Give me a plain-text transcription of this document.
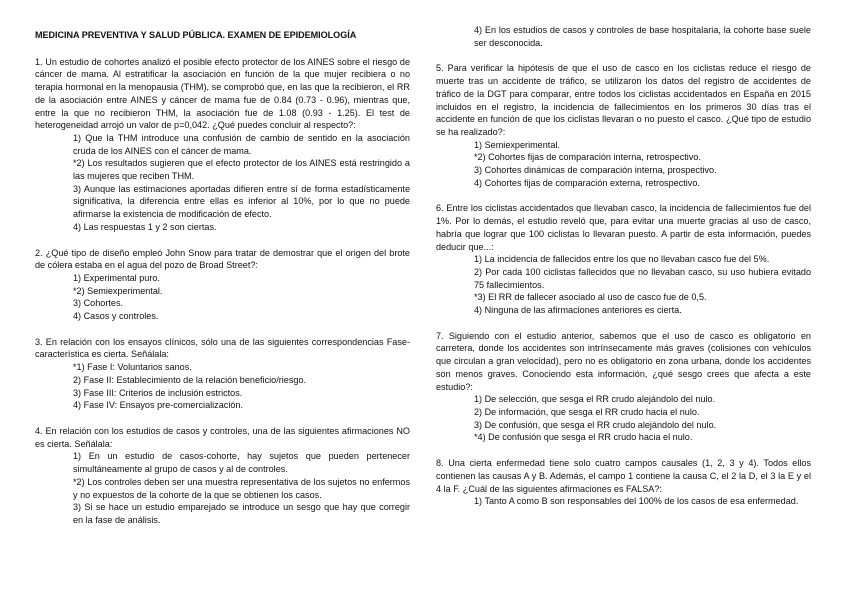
MEDICINA PREVENTIVA Y SALUD PÚBLICA. EXAMEN DE EPIDEMIOLOGÍA

1. Un estudio de cohortes analizó el posible efecto protector de los AINES sobre el riesgo de cáncer de mama. Al estratificar la asociación en función de la que mujer recibiera o no terapia hormonal en la menopausia (THM), se comprobó que, en las que la recibieron, el RR de la asociación entre AINES y cáncer de mama fue de 0.84 (0.73 - 0.96), mientras que, entre la que no recibieron THM, la asociación fue de 1.08 (0.93 - 1.25). El test de heterogeneidad arrojó un valor de p=0,042. ¿Qué puedes concluir al respecto?:

1) Que la THM introduce una confusión de cambio de sentido en la asociación cruda de los AINES con el cáncer de mama.

*2) Los resultados sugieren que el efecto protector de los AINES está restringido a las mujeres que reciben THM.

3) Aunque las estimaciones aportadas difieren entre sí de forma estadísticamente significativa, la diferencia entre ellas es inferior al 10%, por lo que no puede afirmarse la existencia de modificación de efecto.

4) Las respuestas 1 y 2 son ciertas.

2. ¿Qué tipo de diseño empleó John Snow para tratar de demostrar que el origen del brote de cólera estaba en el agua del pozo de Broad Street?:

1) Experimental puro.

*2) Semiexperimental.

3) Cohortes.

4) Casos y controles.

3. En relación con los ensayos clínicos, sólo una de las siguientes correspondencias Fase-característica es cierta. Señálala:

*1) Fase I: Voluntarios sanos.

2) Fase II: Establecimiento de la relación beneficio/riesgo.

3) Fase III: Criterios de inclusión estrictos.

4) Fase IV: Ensayos pre-comercialización.

4. En relación con los estudios de casos y controles, una de las siguientes afirmaciones NO es cierta. Señálala:

1) En un estudio de casos-cohorte, hay sujetos que pueden pertenecer simultáneamente al grupo de casos y al de controles.

*2) Los controles deben ser una muestra representativa de los sujetos no enfermos y no expuestos de la cohorte de la que se obtienen los casos.

3) Si se hace un estudio emparejado se introduce un sesgo que hay que corregir en la fase de análisis.

4) En los estudios de casos y controles de base hospitalaria, la cohorte base suele ser desconocida.

5. Para verificar la hipótesis de que el uso de casco en los ciclistas reduce el riesgo de muerte tras un accidente de tráfico, se utilizaron los datos del registro de accidentes de tráfico de la DGT para comparar, entre todos los ciclistas accidentados en España en 2015 incluidos en el registro, la incidencia de fallecimientos en los primeros 30 días tras el accidente en función de que los ciclistas llevaran o no puesto el casco. ¿Qué tipo de estudio se ha realizado?:

1) Semiexperimental.

*2) Cohortes fijas de comparación interna, retrospectivo.

3) Cohortes dinámicas de comparación interna, prospectivo.

4) Cohortes fijas de comparación externa, retrospectivo.

6. Entre los ciclistas accidentados que llevaban casco, la incidencia de fallecimientos fue del 1%. Por lo demás, el estudio reveló que, para evitar una muerte gracias al uso de casco, habría que lograr que 100 ciclistas lo llevaran puesto. A partir de esta información, puedes deducir que...:

1) La incidencia de fallecidos entre los que no llevaban casco fue del 5%.

2) Por cada 100 ciclistas fallecidos que no llevaban casco, su uso hubiera evitado 75 fallecimientos.

*3) El RR de fallecer asociado al uso de casco fue de 0,5.

4) Ninguna de las afirmaciones anteriores es cierta.

7. Siguiendo con el estudio anterior, sabemos que el uso de casco es obligatorio en carretera, donde los accidentes son intrínsecamente más graves (colisiones con vehículos que circulan a gran velocidad), pero no es obligatorio en zona urbana, donde los accidentes son menos graves. Conociendo esta información, ¿qué sesgo crees que afecta a este estudio?:

1) De selección, que sesga el RR crudo alejándolo del nulo.

2) De información, que sesga el RR crudo hacia el nulo.

3) De confusión, que sesga el RR crudo alejándolo del nulo.

*4) De confusión que sesga el RR crudo hacia el nulo.

8. Una cierta enfermedad tiene solo cuatro campos causales (1, 2, 3 y 4). Todos ellos contienen las causas A y B. Además, el campo 1 contiene la causa C, el 2 la D, el 3 la E y el 4 la F. ¿Cuál de las siguientes afirmaciones es FALSA?:

1) Tanto A como B son responsables del 100% de los casos de esa enfermedad.
